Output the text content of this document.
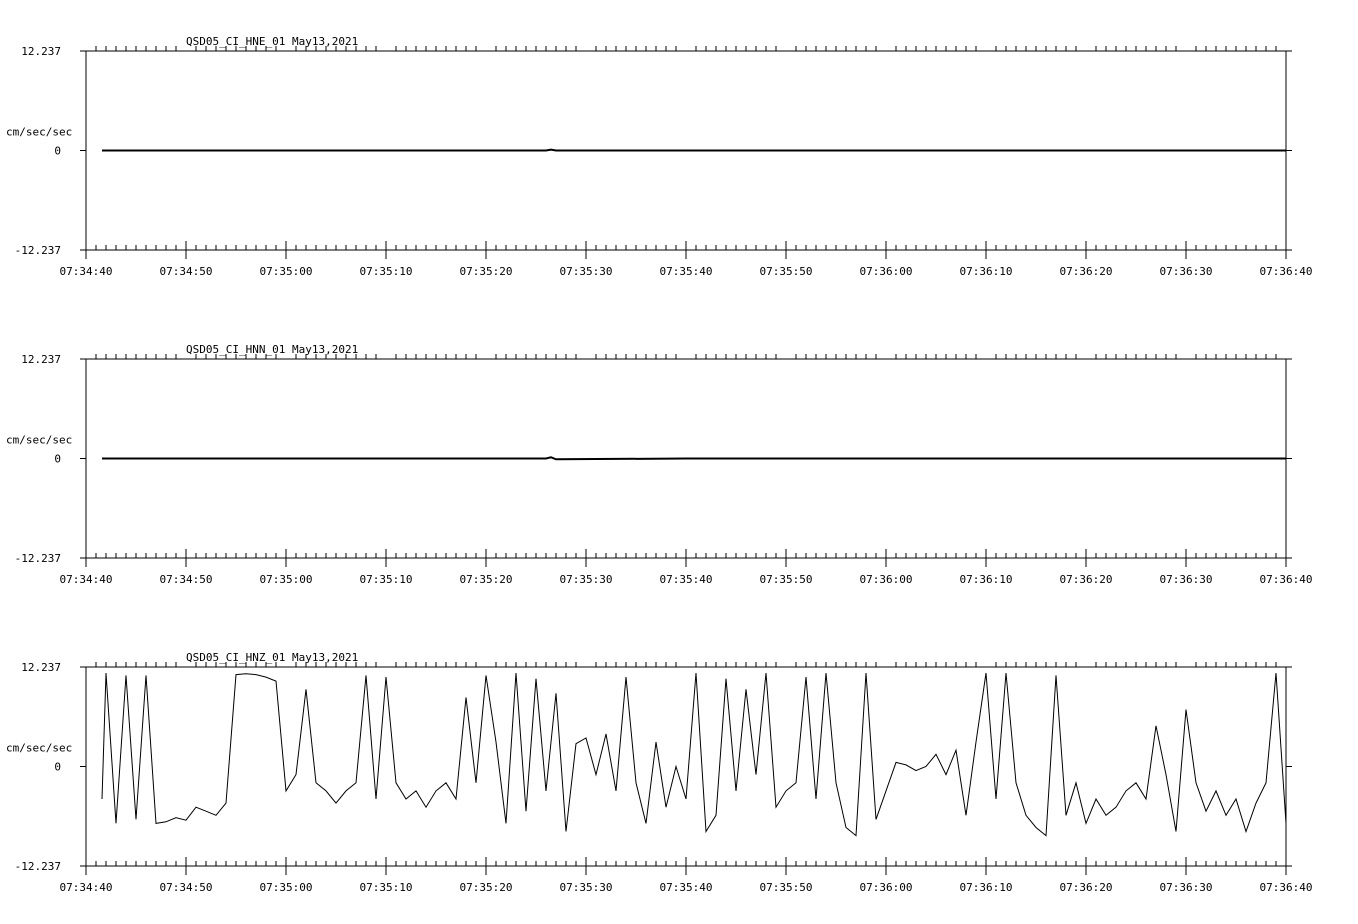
07:34:40	07:34:50	07:35:00	07:35:10	07:35:20	07:35:30	07:35:40	07:35:50	07:36:00	07:36:10	07:36:20	07:36:30	07:36:40
12.237
0
-12.237
cm/sec/sec
QSD05_CI_HNE_01 May13,2021
07:34:40	07:34:50	07:35:00	07:35:10	07:35:20	07:35:30	07:35:40	07:35:50	07:36:00	07:36:10	07:36:20	07:36:30	07:36:40
12.237
0
-12.237
cm/sec/sec
QSD05_CI_HNN_01 May13,2021
07:34:40	07:34:50	07:35:00	07:35:10	07:35:20	07:35:30	07:35:40	07:35:50	07:36:00	07:36:10	07:36:20	07:36:30	07:36:40
12.237
0
-12.237
cm/sec/sec
QSD05_CI_HNZ_01 May13,2021
